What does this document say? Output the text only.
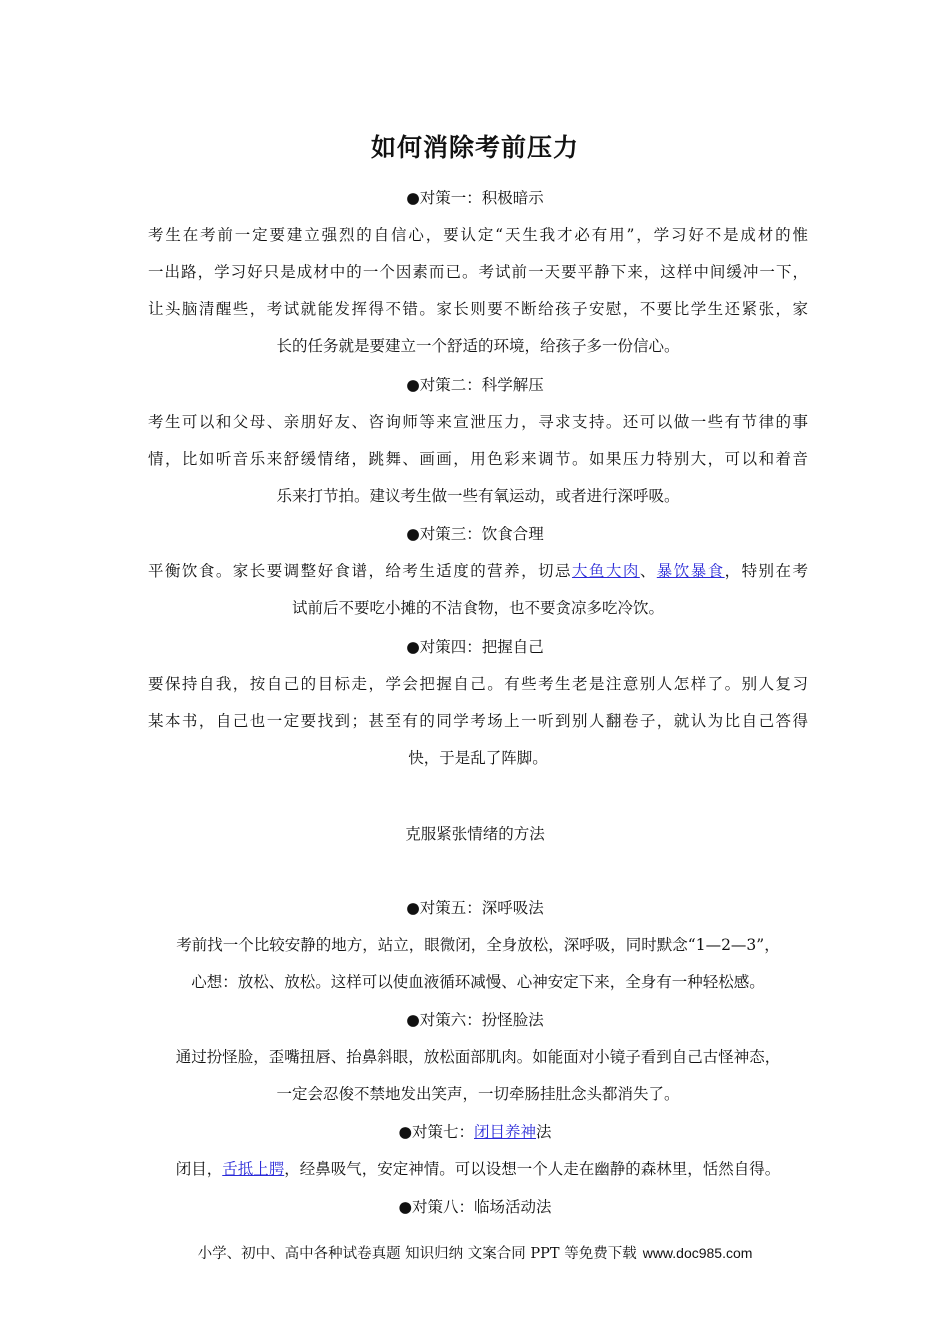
如何消除考前压力
●对策一：积极暗示
考生在考前一定要建立强烈的自信心，要认定“天生我才必有用”，学习好不是成材的惟
一出路，学习好只是成材中的一个因素而已。考试前一天要平静下来，这样中间缓冲一下，
让头脑清醒些，考试就能发挥得不错。家长则要不断给孩子安慰，不要比学生还紧张，家
长的任务就是要建立一个舒适的环境，给孩子多一份信心。
●对策二：科学解压
考生可以和父母、亲朋好友、咨询师等来宣泄压力，寻求支持。还可以做一些有节律的事
情，比如听音乐来舒缓情绪，跳舞、画画，用色彩来调节。如果压力特别大，可以和着音
乐来打节拍。建议考生做一些有氧运动，或者进行深呼吸。
●对策三：饮食合理
平衡饮食。家长要调整好食谱，给考生适度的营养，切忌大鱼大肉、暴饮暴食，特别在考
试前后不要吃小摊的不洁食物，也不要贪凉多吃冷饮。
●对策四：把握自己
要保持自我，按自己的目标走，学会把握自己。有些考生老是注意别人怎样了。别人复习
某本书，自己也一定要找到；甚至有的同学考场上一听到别人翻卷子，就认为比自己答得
快，于是乱了阵脚。
克服紧张情绪的方法
●对策五：深呼吸法
考前找一个比较安静的地方，站立，眼微闭，全身放松，深呼吸，同时默念“1—2—3”，
心想：放松、放松。这样可以使血液循环减慢、心神安定下来，全身有一种轻松感。
●对策六：扮怪脸法
通过扮怪脸，歪嘴扭唇、抬鼻斜眼，放松面部肌肉。如能面对小镜子看到自己古怪神态，
一定会忍俊不禁地发出笑声，一切牵肠挂肚念头都消失了。
●对策七：闭目养神法
闭目，舌抵上腭，经鼻吸气，安定神情。可以设想一个人走在幽静的森林里，恬然自得。
●对策八：临场活动法
小学、初中、高中各种试卷真题 知识归纳 文案合同 PPT 等免费下载 www.doc985.com
